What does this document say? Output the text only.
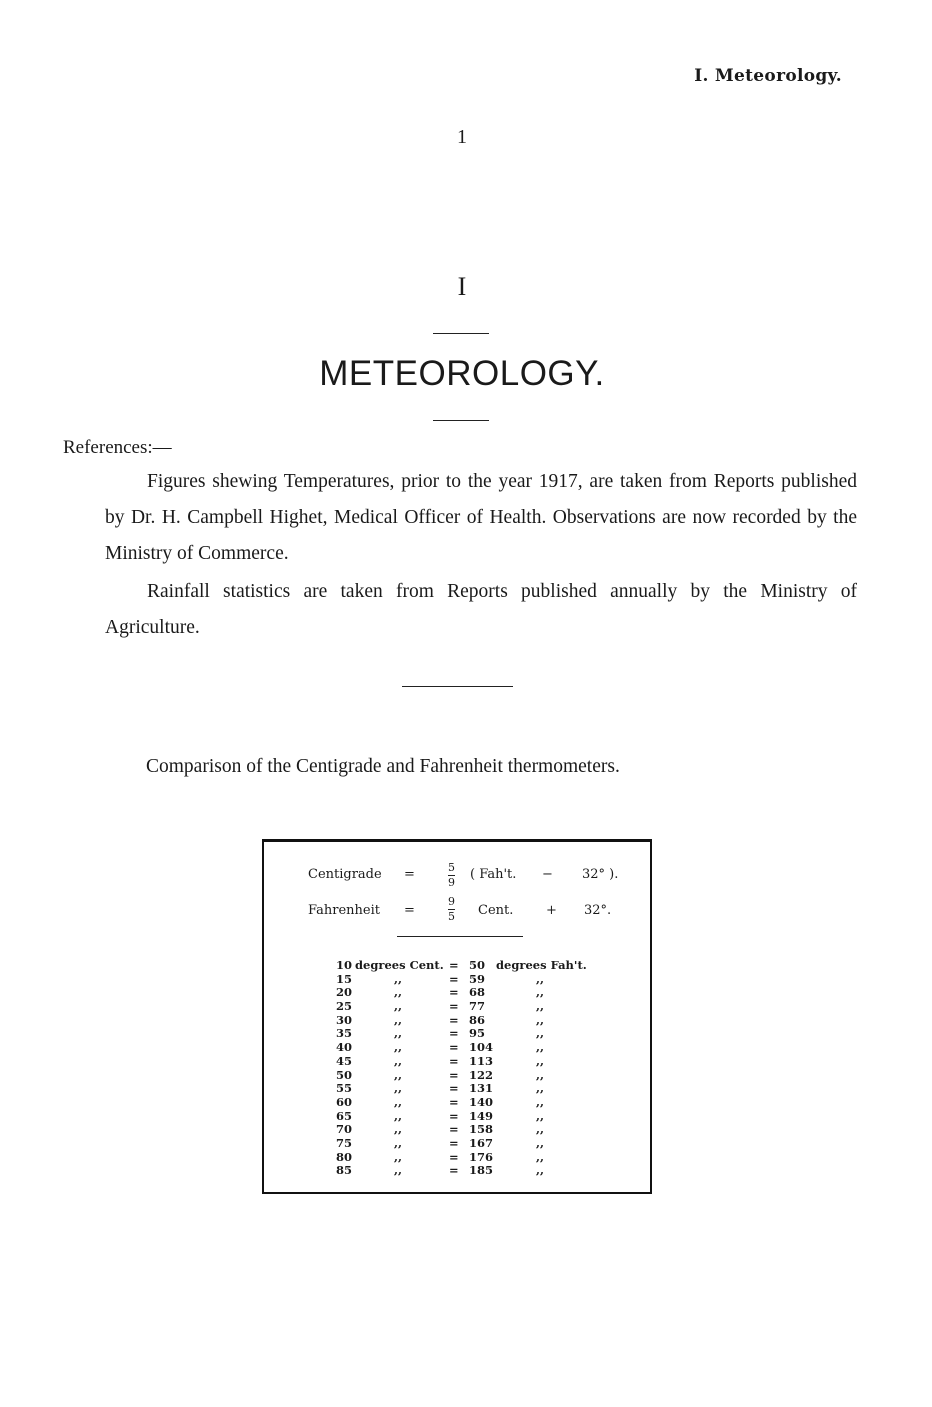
I. Meteorology.
1
I
METEOROLOGY.
References:—
Figures shewing Temperatures, prior to the year 1917, are taken from Reports published by Dr. H. Campbell Highet, Medical Officer of Health. Observations are now recorded by the Ministry of Commerce.
Rainfall statistics are taken from Reports published annually by the Ministry of Agriculture.
Comparison of the Centigrade and Fahrenheit thermometers.
Centigrade =	5
9
( Fah't. − 32° ).
Fahrenheit =
9
5 Cent.	+ 32°.
10 degrees Cent. = 50 degrees Fah't.
15	,,	= 59	,,
20	,,	= 68	,,
25	,,	= 77	,,
30	,,	= 86	,,
35	,,	= 95	,,
40	,,	= 104	,,
45	,,	= 113	,,
50	,,	= 122	,,
55	,,	= 131	,,
60	,,	= 140	,,
65	,,	= 149	,,
70	,,	= 158	,,
75	,,	= 167	,,
80	,,	= 176	,,
85	,,	= 185	,,
